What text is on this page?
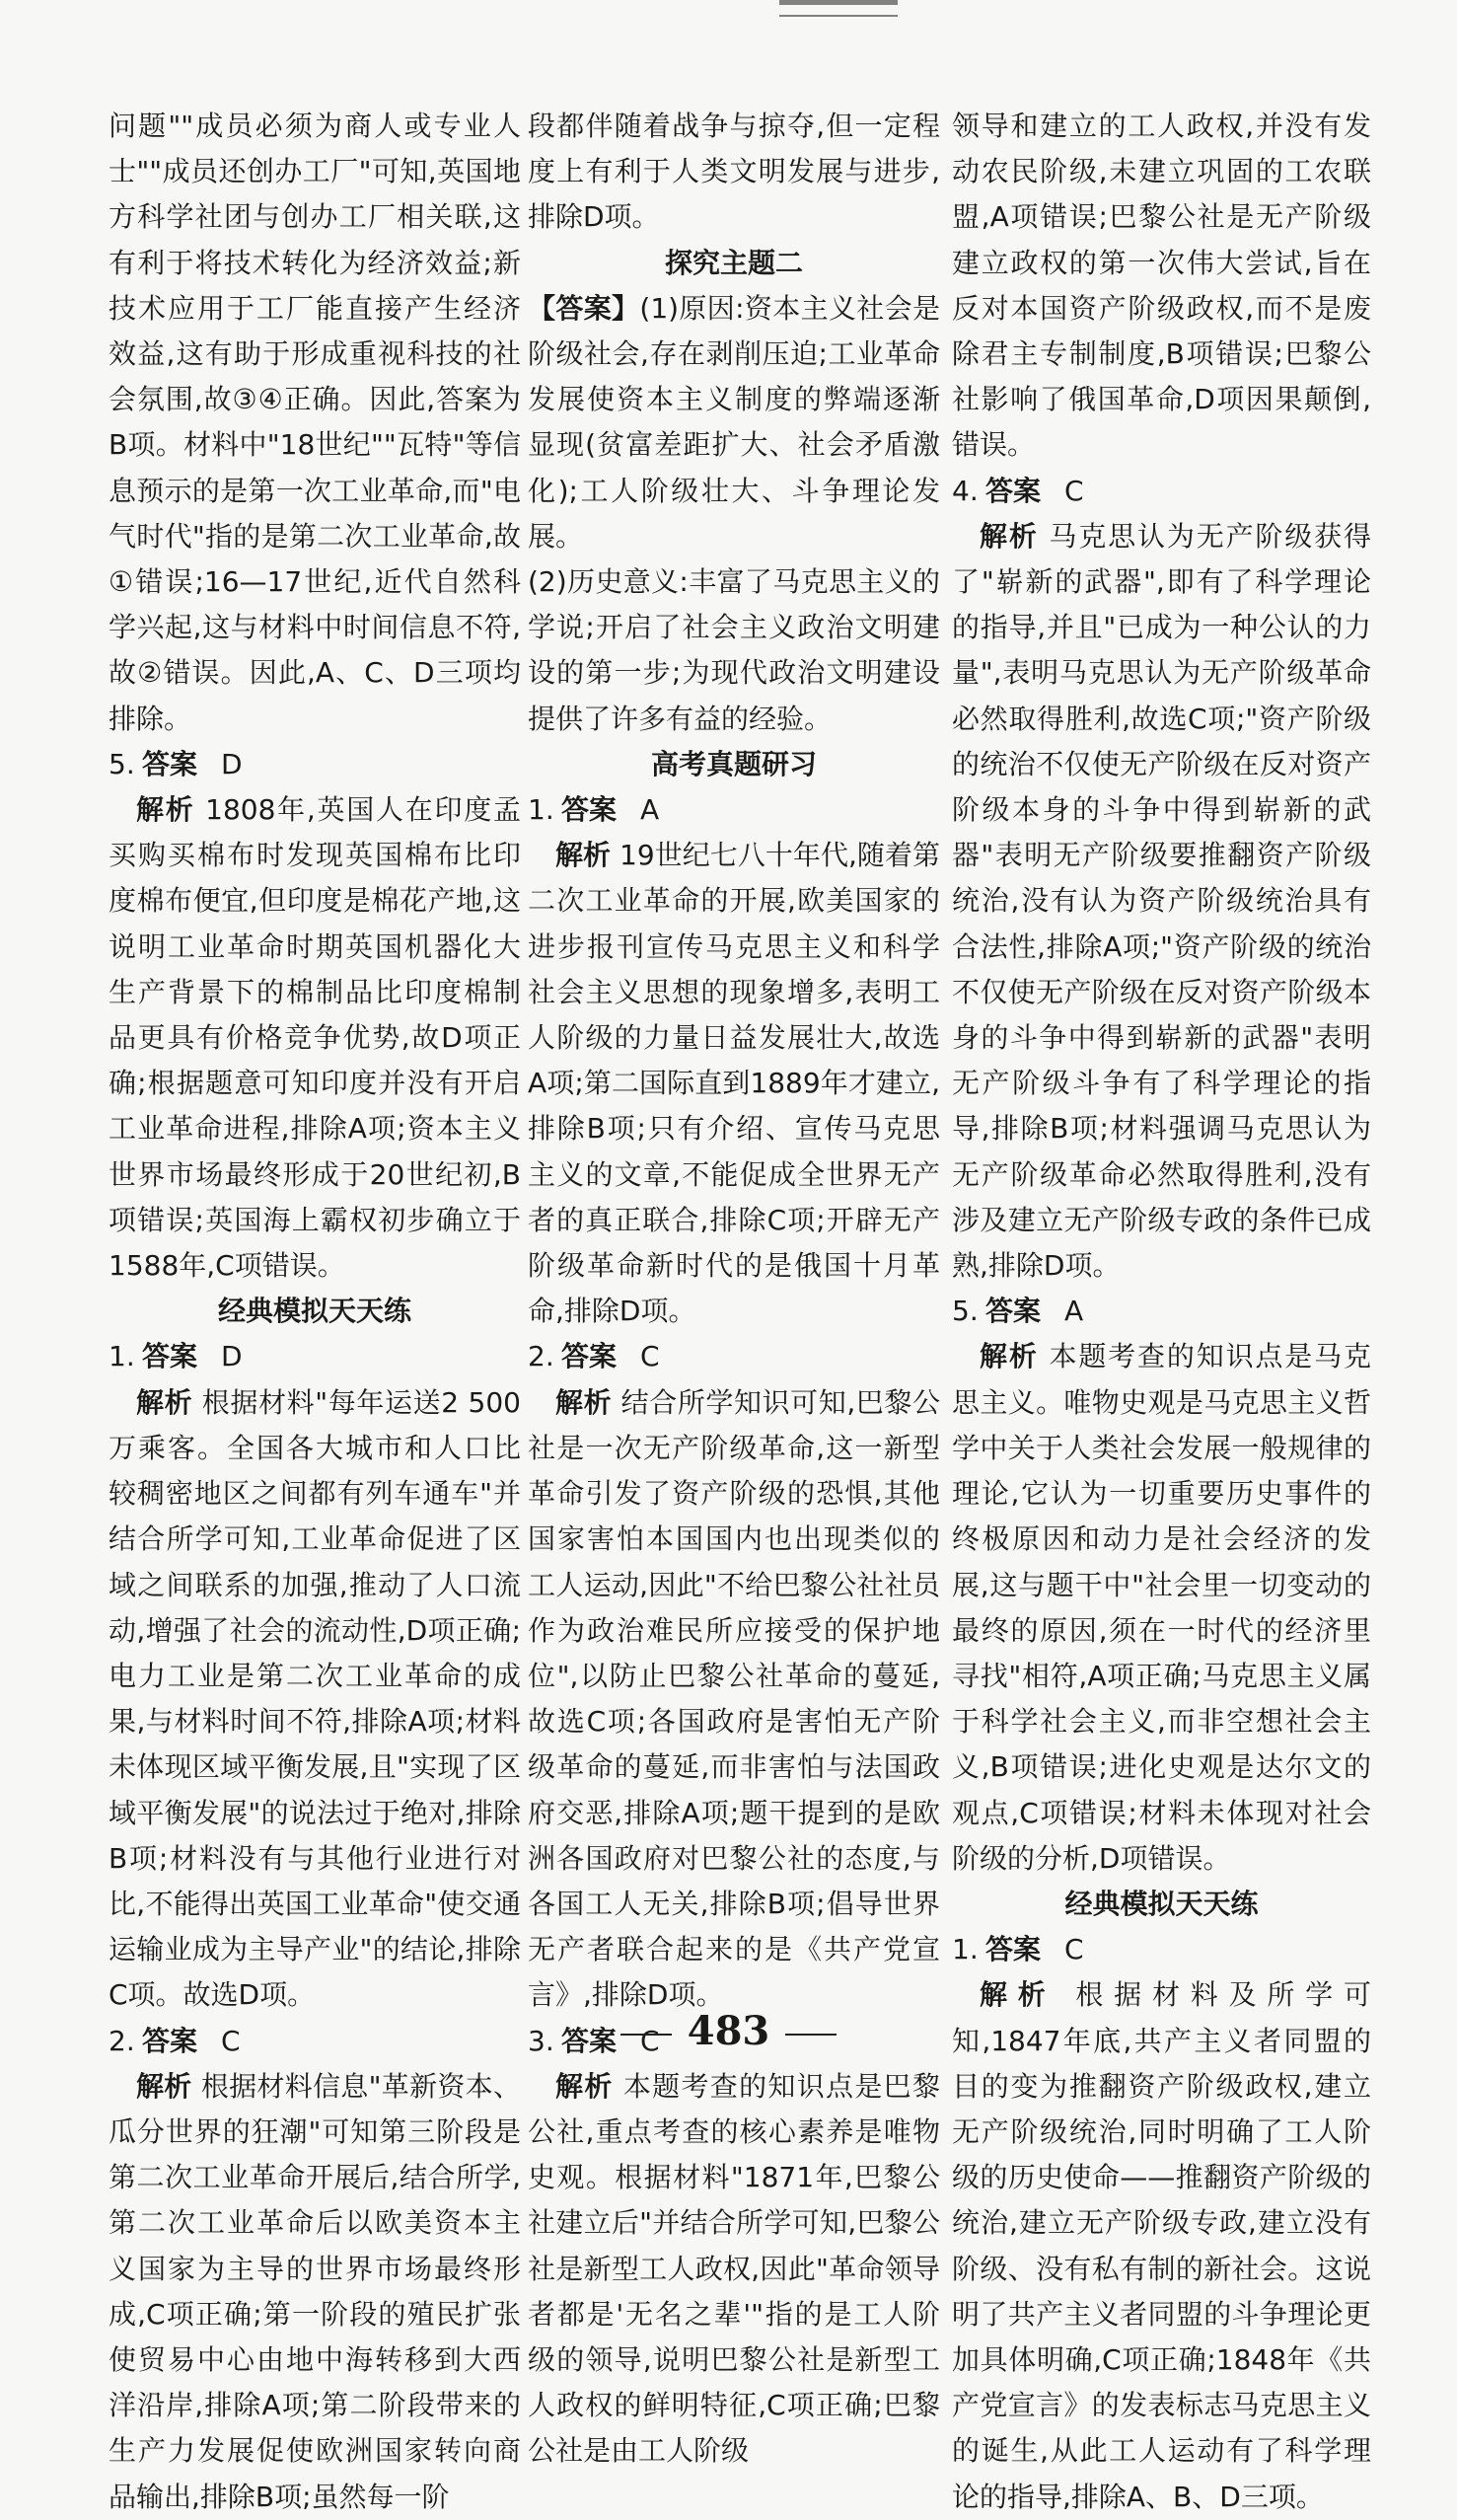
问题""成员必须为商人或专业人士""成员还创办工厂"可知,英国地方科学社团与创办工厂相关联,这有利于将技术转化为经济效益;新技术应用于工厂能直接产生经济效益,这有助于形成重视科技的社会氛围,故③④正确。因此,答案为B项。材料中"18世纪""瓦特"等信息预示的是第一次工业革命,而"电气时代"指的是第二次工业革命,故①错误;16—17世纪,近代自然科学兴起,这与材料中时间信息不符,故②错误。因此,A、C、D三项均排除。

5. 答案 D

解析 1808年,英国人在印度孟买购买棉布时发现英国棉布比印度棉布便宜,但印度是棉花产地,这说明工业革命时期英国机器化大生产背景下的棉制品比印度棉制品更具有价格竞争优势,故D项正确;根据题意可知印度并没有开启工业革命进程,排除A项;资本主义世界市场最终形成于20世纪初,B项错误;英国海上霸权初步确立于1588年,C项错误。

经典模拟天天练

1. 答案 D

解析 根据材料"每年运送2 500万乘客。全国各大城市和人口比较稠密地区之间都有列车通车"并结合所学可知,工业革命促进了区域之间联系的加强,推动了人口流动,增强了社会的流动性,D项正确;电力工业是第二次工业革命的成果,与材料时间不符,排除A项;材料未体现区域平衡发展,且"实现了区域平衡发展"的说法过于绝对,排除B项;材料没有与其他行业进行对比,不能得出英国工业革命"使交通运输业成为主导产业"的结论,排除C项。故选D项。

2. 答案 C

解析 根据材料信息"革新资本、瓜分世界的狂潮"可知第三阶段是第二次工业革命开展后,结合所学,第二次工业革命后以欧美资本主义国家为主导的世界市场最终形成,C项正确;第一阶段的殖民扩张使贸易中心由地中海转移到大西洋沿岸,排除A项;第二阶段带来的生产力发展促使欧洲国家转向商品输出,排除B项;虽然每一阶

段都伴随着战争与掠夺,但一定程度上有利于人类文明发展与进步,排除D项。

探究主题二

【答案】(1)原因:资本主义社会是阶级社会,存在剥削压迫;工业革命发展使资本主义制度的弊端逐渐显现(贫富差距扩大、社会矛盾激化);工人阶级壮大、斗争理论发展。

(2)历史意义:丰富了马克思主义的学说;开启了社会主义政治文明建设的第一步;为现代政治文明建设提供了许多有益的经验。

高考真题研习

1. 答案 A

解析 19世纪七八十年代,随着第二次工业革命的开展,欧美国家的进步报刊宣传马克思主义和科学社会主义思想的现象增多,表明工人阶级的力量日益发展壮大,故选A项;第二国际直到1889年才建立,排除B项;只有介绍、宣传马克思主义的文章,不能促成全世界无产者的真正联合,排除C项;开辟无产阶级革命新时代的是俄国十月革命,排除D项。

2. 答案 C

解析 结合所学知识可知,巴黎公社是一次无产阶级革命,这一新型革命引发了资产阶级的恐惧,其他国家害怕本国国内也出现类似的工人运动,因此"不给巴黎公社社员作为政治难民所应接受的保护地位",以防止巴黎公社革命的蔓延,故选C项;各国政府是害怕无产阶级革命的蔓延,而非害怕与法国政府交恶,排除A项;题干提到的是欧洲各国政府对巴黎公社的态度,与各国工人无关,排除B项;倡导世界无产者联合起来的是《共产党宣言》,排除D项。

3. 答案 C

解析 本题考查的知识点是巴黎公社,重点考查的核心素养是唯物史观。根据材料"1871年,巴黎公社建立后"并结合所学可知,巴黎公社是新型工人政权,因此"革命领导者都是'无名之辈'"指的是工人阶级的领导,说明巴黎公社是新型工人政权的鲜明特征,C项正确;巴黎公社是由工人阶级

领导和建立的工人政权,并没有发动农民阶级,未建立巩固的工农联盟,A项错误;巴黎公社是无产阶级建立政权的第一次伟大尝试,旨在反对本国资产阶级政权,而不是废除君主专制制度,B项错误;巴黎公社影响了俄国革命,D项因果颠倒,错误。

4. 答案 C

解析 马克思认为无产阶级获得了"崭新的武器",即有了科学理论的指导,并且"已成为一种公认的力量",表明马克思认为无产阶级革命必然取得胜利,故选C项;"资产阶级的统治不仅使无产阶级在反对资产阶级本身的斗争中得到崭新的武器"表明无产阶级要推翻资产阶级统治,没有认为资产阶级统治具有合法性,排除A项;"资产阶级的统治不仅使无产阶级在反对资产阶级本身的斗争中得到崭新的武器"表明无产阶级斗争有了科学理论的指导,排除B项;材料强调马克思认为无产阶级革命必然取得胜利,没有涉及建立无产阶级专政的条件已成熟,排除D项。

5. 答案 A

解析 本题考查的知识点是马克思主义。唯物史观是马克思主义哲学中关于人类社会发展一般规律的理论,它认为一切重要历史事件的终极原因和动力是社会经济的发展,这与题干中"社会里一切变动的最终的原因,须在一时代的经济里寻找"相符,A项正确;马克思主义属于科学社会主义,而非空想社会主义,B项错误;进化史观是达尔文的观点,C项错误;材料未体现对社会阶级的分析,D项错误。

经典模拟天天练

1. 答案 C

解析 根据材料及所学可知,1847年底,共产主义者同盟的目的变为推翻资产阶级政权,建立无产阶级统治,同时明确了工人阶级的历史使命——推翻资产阶级的统治,建立无产阶级专政,建立没有阶级、没有私有制的新社会。这说明了共产主义者同盟的斗争理论更加具体明确,C项正确;1848年《共产党宣言》的发表标志马克思主义的诞生,从此工人运动有了科学理论的指导,排除A、B、D三项。

483
